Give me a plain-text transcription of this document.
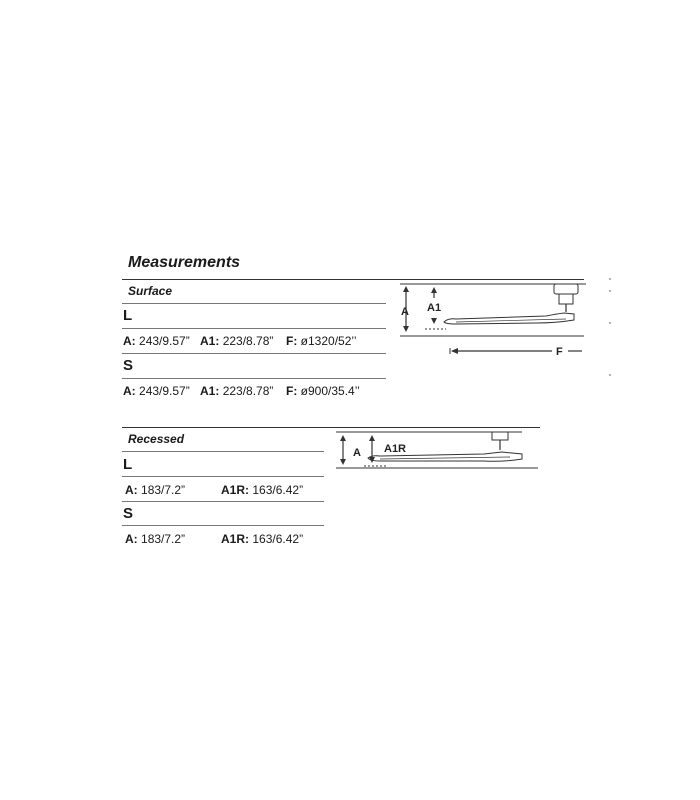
Measurements
Surface
L
A: 243/9.57” A1: 223/8.78” F: ø1320/52’’
S
A: 243/9.57” A1: 223/8.78” F: ø900/35.4’’
A A1
F
Recessed
L
A: 183/7.2”	A1R: 163/6.42”
S
A: 183/7.2”	A1R: 163/6.42”
A A1R
